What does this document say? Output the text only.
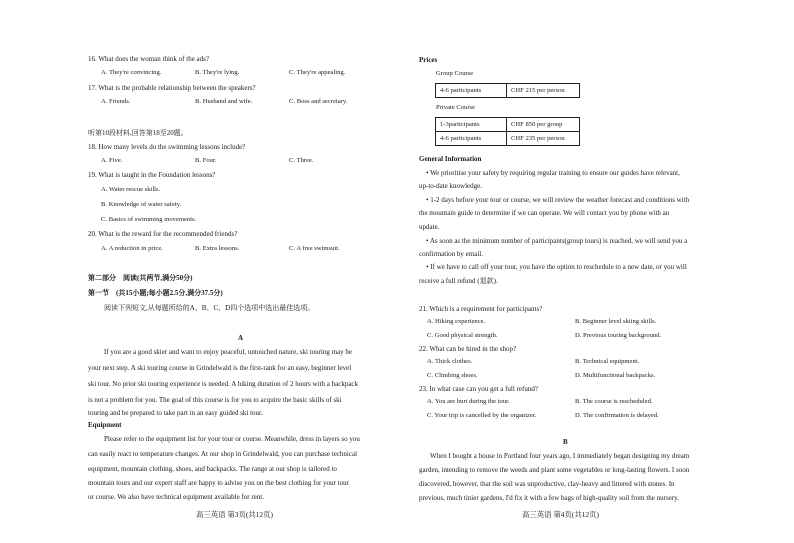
16. What does the woman think of the ads?
A. They're convincing.	B. They're lying.	C. They're appealing.
17. What is the probable relationship between the speakers?
A. Friends.	B. Husband and wife.	C. Boss and secretary.
听第10段材料,回答第18至20题。
18. How many levels do the swimming lessons include?
A. Five.	B. Four.	C. Three.
19. What is taught in the Foundation lessons?
A. Water rescue skills.
B. Knowledge of water safety.
C. Basics of swimming movements.
20. What is the reward for the recommended friends?
A. A reduction in price.	B. Extra lessons.	C. A free swimsuit.
第二部分　阅读(共两节,满分50分)
第一节　(共15小题;每小题2.5分,满分37.5分)
阅读下列短文,从每题所给的A、B、C、D四个选项中选出最佳选项。
A
If you are a good skier and want to enjoy peaceful, untouched nature, ski touring may be
your next step. A ski touring course in Grindelwald is the first-rank for an easy, beginner level
ski tour. No prior ski touring experience is needed. A hiking duration of 2 hours with a backpack
is not a problem for you. The goal of this course is for you to acquire the basic skills of ski
touring and be prepared to take part in an easy guided ski tour.
Equipment
Please refer to the equipment list for your tour or course. Meanwhile, dress in layers so you
can easily react to temperature changes. At our shop in Grindelwald, you can purchase technical
equipment, mountain clothing, shoes, and backpacks. The range at our shop is tailored to
mountain tours and our expert staff are happy to advise you on the best clothing for your tour
or course. We also have technical equipment available for rent.
高三英语 第3页(共12页)
Prices
Group Course
4-6 participants	CHF 215 per person
Private Course
1-3participants	CHF 850 per group
4-6 participants	CHF 235 per person
General Information
• We prioritise your safety by requiring regular training to ensure our guides have relevant,
up-to-date knowledge.
• 1-2 days before your tour or course, we will review the weather forecast and conditions with
the mountain guide to determine if we can operate. We will contact you by phone with an
update.
• As soon as the minimum number of participants(group tours) is reached, we will send you a
confirmation by email.
• If we have to call off your tour, you have the option to reschedule to a new date, or you will
receive a full refund (退款).
21. Which is a requirement for participants?
A. Hiking experience.	B. Beginner level skiing skills.
C. Good physical strength.	D. Previous touring background.
22. What can be hired in the shop?
A. Thick clothes.	B. Technical equipment.
C. Climbing shoes.	D. Multifunctional backpacks.
23. In what case can you get a full refund?
A. You are hurt during the tour.	B. The course is rescheduled.
C. Your trip is cancelled by the organizer.	D. The confirmation is delayed.
B
When I bought a house in Portland four years ago, I immediately began designing my dream
garden, intending to remove the weeds and plant some vegetables or long-lasting flowers. I soon
discovered, however, that the soil was unproductive, clay-heavy and littered with stones. In
previous, much tinier gardens, I'd fix it with a few bags of high-quality soil from the nursery.
高三英语 第4页(共12页)
